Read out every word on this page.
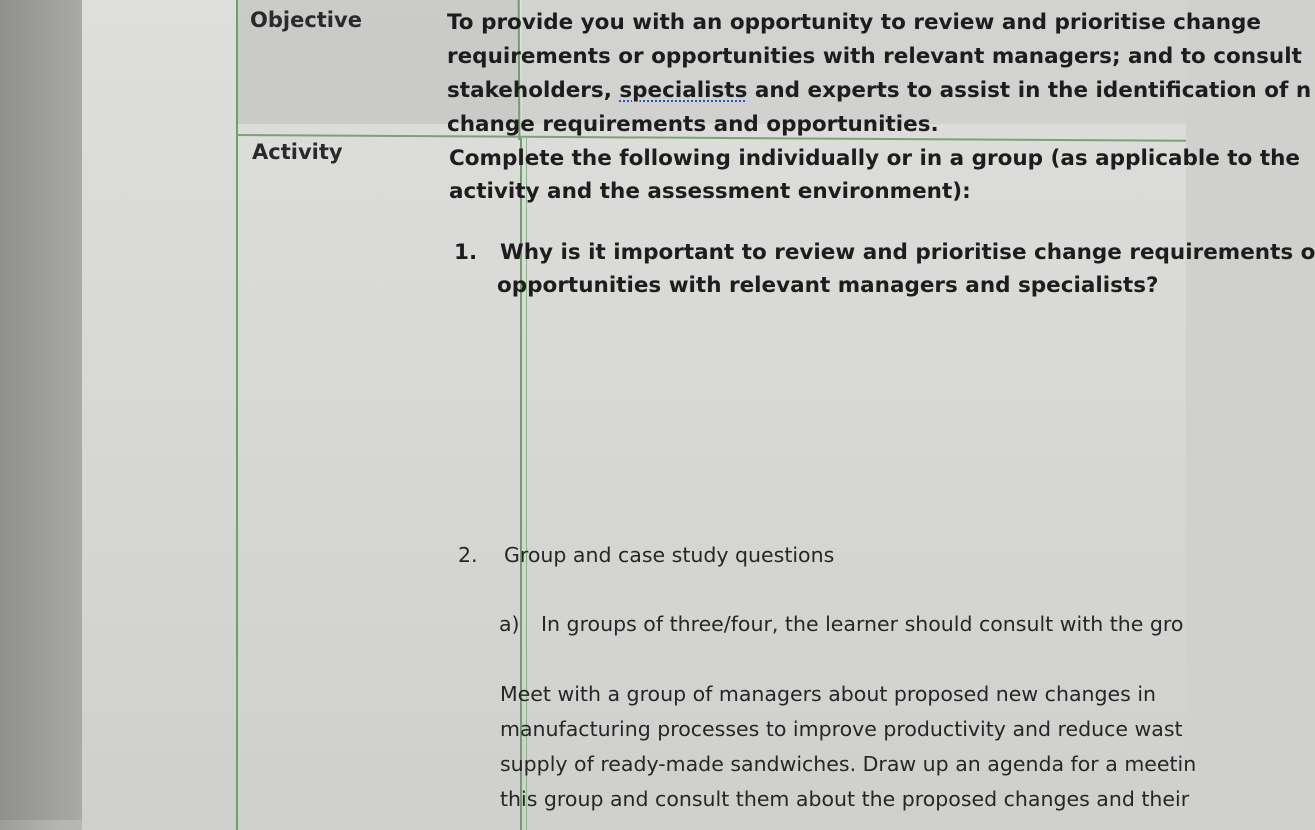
Objective	To provide you with an opportunity to review and prioritise change
requirements or opportunities with relevant managers; and to consult
stakeholders, specialists and experts to assist in the identification of n
change requirements and opportunities.
Activity	Complete the following individually or in a group (as applicable to the
activity and the assessment environment):
1. Why is it important to review and prioritise change requirements o
opportunities with relevant managers and specialists?
2. Group and case study questions
a) In groups of three/four, the learner should consult with the gro
Meet with a group of managers about proposed new changes in
manufacturing processes to improve productivity and reduce wast
supply of ready-made sandwiches. Draw up an agenda for a meetin
this group and consult them about the proposed changes and their
